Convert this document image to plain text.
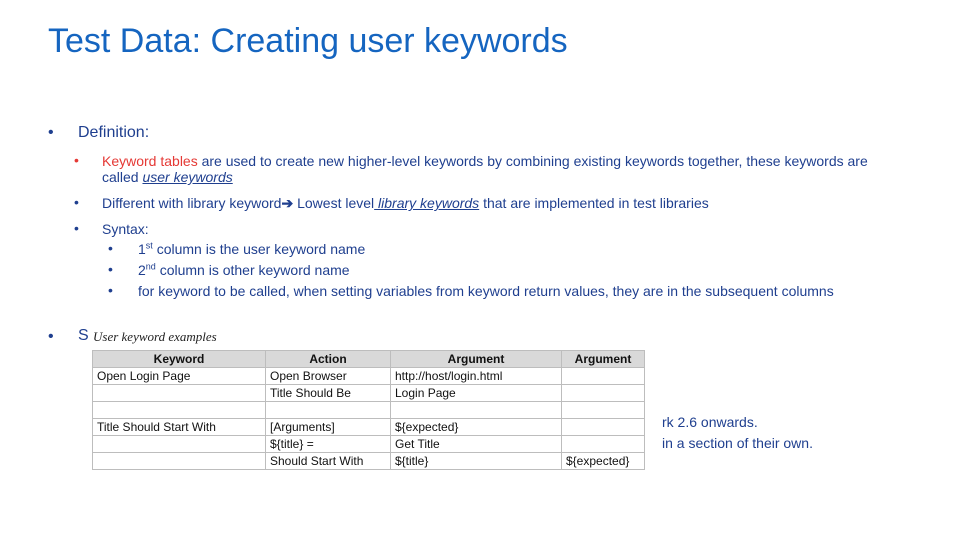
Test Data: Creating user keywords
• Definition:
• Keyword tables are used to create new higher-level keywords by combining existing keywords together, these keywords are called user keywords
• Different with library keyword➔ Lowest level library keywords that are implemented in test libraries
• Syntax:
• 1st column is the user keyword name
• 2nd column is other keyword name
• for keyword to be called, when setting variables from keyword return values, they are in the subsequent columns
• S
rk 2.6 onwards.
in a section of their own.
User keyword examples
Keyword	Action	Argument	Argument
Open Login Page	Open Browser	http://host/login.html	
	Title Should Be	Login Page	

Title Should Start With	[Arguments]	${expected}	
	${title} =	Get Title	
	Should Start With	${title}	${expected}
